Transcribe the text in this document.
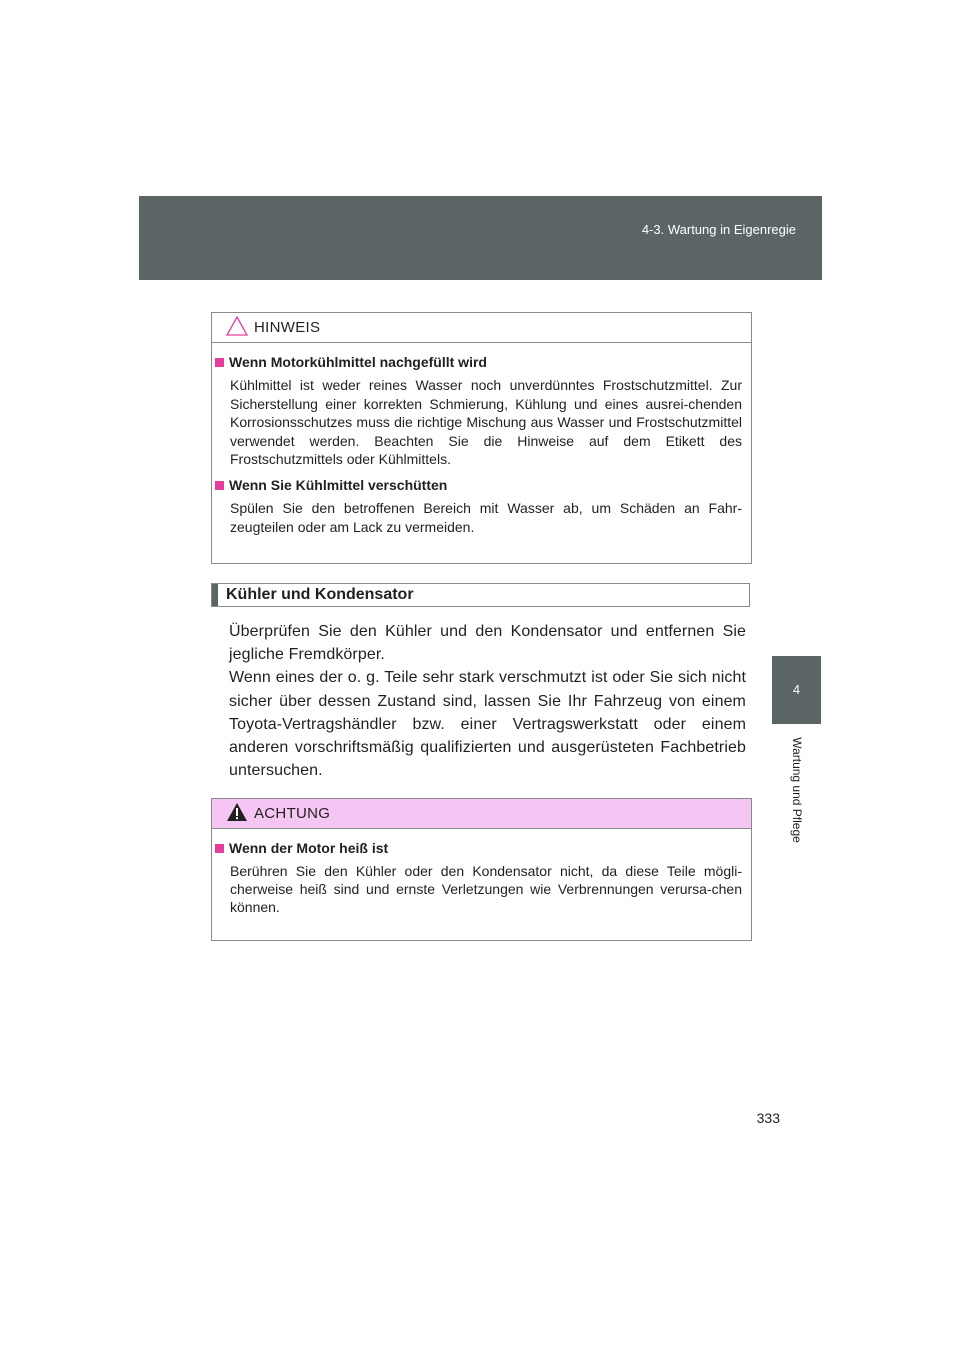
4-3. Wartung in Eigenregie
4
Wartung und Pflege
HINWEIS
Wenn Motorkühlmittel nachgefüllt wird
Kühlmittel ist weder reines Wasser noch unverdünntes Frostschutzmittel. Zur Sicherstellung einer korrekten Schmierung, Kühlung und eines ausrei-chenden Korrosionsschutzes muss die richtige Mischung aus Wasser und Frostschutzmittel verwendet werden. Beachten Sie die Hinweise auf dem Etikett des Frostschutzmittels oder Kühlmittels.
Wenn Sie Kühlmittel verschütten
Spülen Sie den betroffenen Bereich mit Wasser ab, um Schäden an Fahr-zeugteilen oder am Lack zu vermeiden.
Kühler und Kondensator

Überprüfen Sie den Kühler und den Kondensator und entfernen Sie jegliche Fremdkörper.

Wenn eines der o. g. Teile sehr stark verschmutzt ist oder Sie sich nicht sicher über dessen Zustand sind, lassen Sie Ihr Fahrzeug von einem Toyota-Vertragshändler bzw. einer Vertragswerkstatt oder einem anderen vorschriftsmäßig qualifizierten und ausgerüsteten Fachbetrieb untersuchen.

ACHTUNG
Wenn der Motor heiß ist
Berühren Sie den Kühler oder den Kondensator nicht, da diese Teile mögli-cherweise heiß sind und ernste Verletzungen wie Verbrennungen verursa-chen können.
333
